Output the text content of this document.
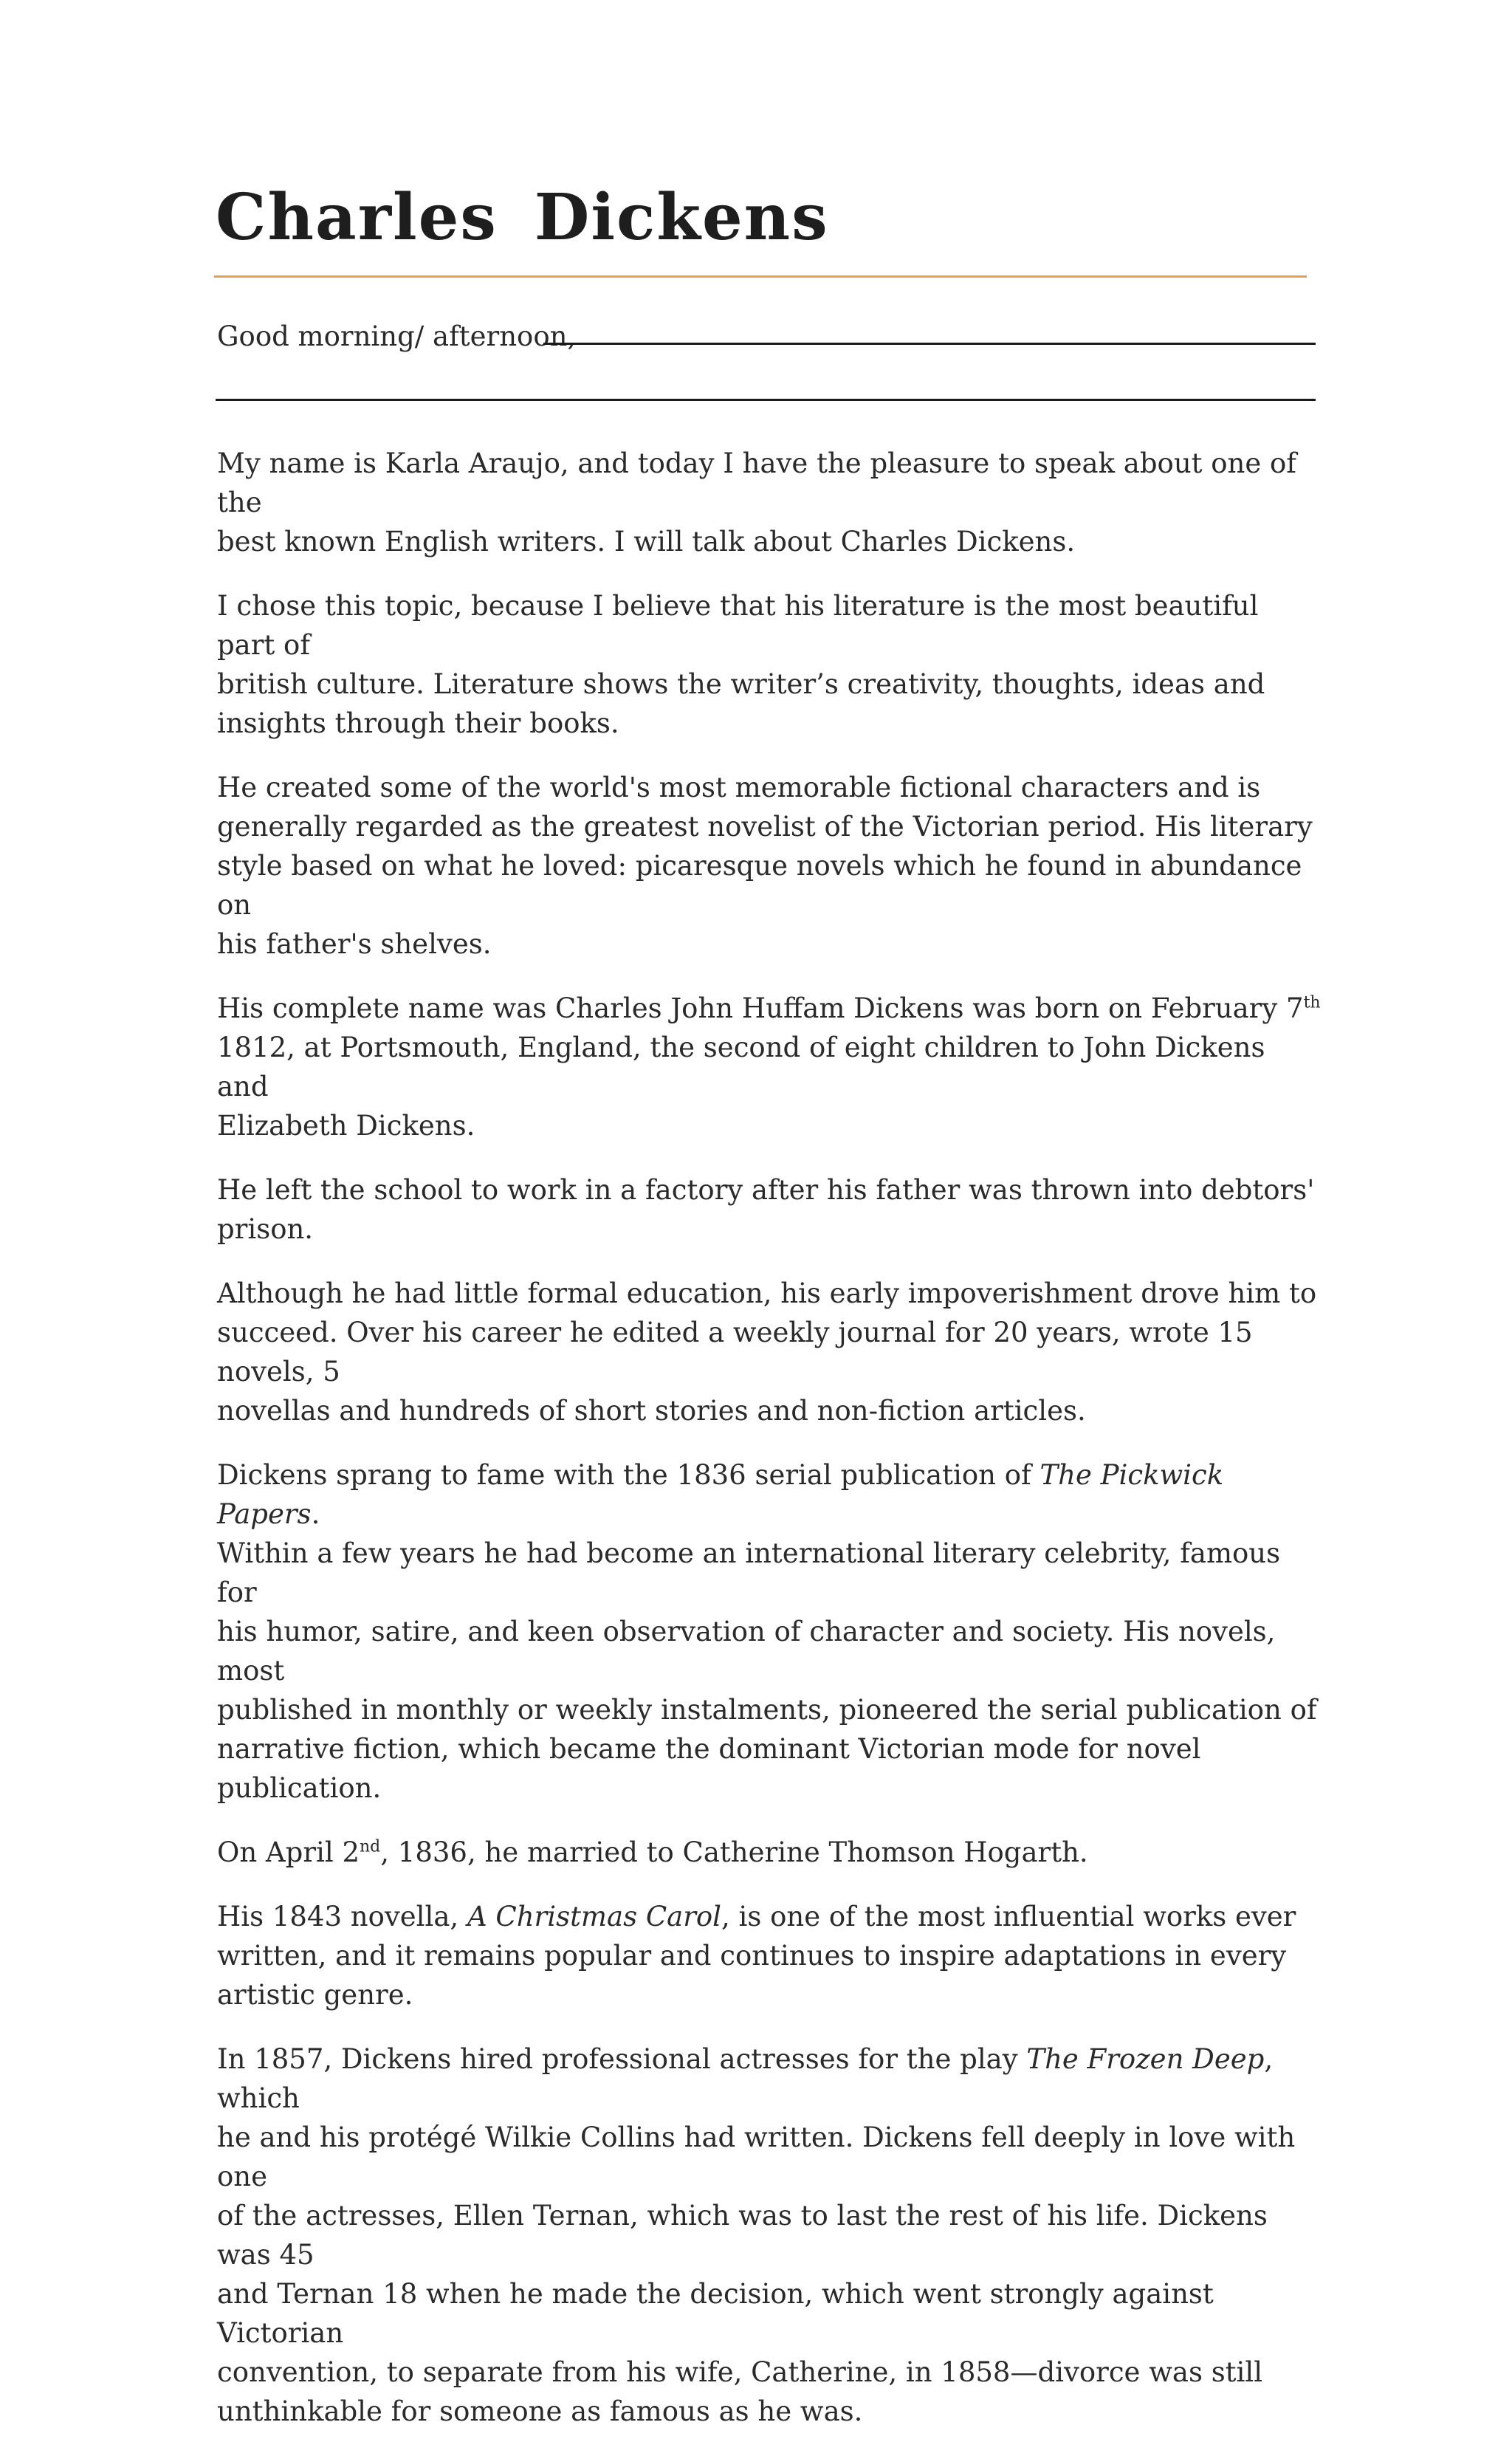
Charles Dickens
Good morning/ afternoon,

My name is Karla Araujo, and today I have the pleasure to speak about one of the
best known English writers. I will talk about Charles Dickens.

I chose this topic, because I believe that his literature is the most beautiful part of
british culture. Literature shows the writer’s creativity, thoughts, ideas and
insights through their books.

He created some of the world's most memorable fictional characters and is
generally regarded as the greatest novelist of the Victorian period. His literary
style based on what he loved: picaresque novels which he found in abundance on
his father's shelves.

His complete name was Charles John Huffam Dickens was born on February 7th
1812, at Portsmouth, England, the second of eight children to John Dickens and
Elizabeth Dickens.

He left the school to work in a factory after his father was thrown into debtors'
prison.

Although he had little formal education, his early impoverishment drove him to
succeed. Over his career he edited a weekly journal for 20 years, wrote 15 novels, 5
novellas and hundreds of short stories and non-fiction articles.

Dickens sprang to fame with the 1836 serial publication of The Pickwick Papers.
Within a few years he had become an international literary celebrity, famous for
his humor, satire, and keen observation of character and society. His novels, most
published in monthly or weekly instalments, pioneered the serial publication of
narrative fiction, which became the dominant Victorian mode for novel publication.

On April 2nd, 1836, he married to Catherine Thomson Hogarth.

His 1843 novella, A Christmas Carol, is one of the most influential works ever
written, and it remains popular and continues to inspire adaptations in every
artistic genre.

In 1857, Dickens hired professional actresses for the play The Frozen Deep, which
he and his protégé Wilkie Collins had written. Dickens fell deeply in love with one
of the actresses, Ellen Ternan, which was to last the rest of his life. Dickens was 45
and Ternan 18 when he made the decision, which went strongly against Victorian
convention, to separate from his wife, Catherine, in 1858—divorce was still
unthinkable for someone as famous as he was.
